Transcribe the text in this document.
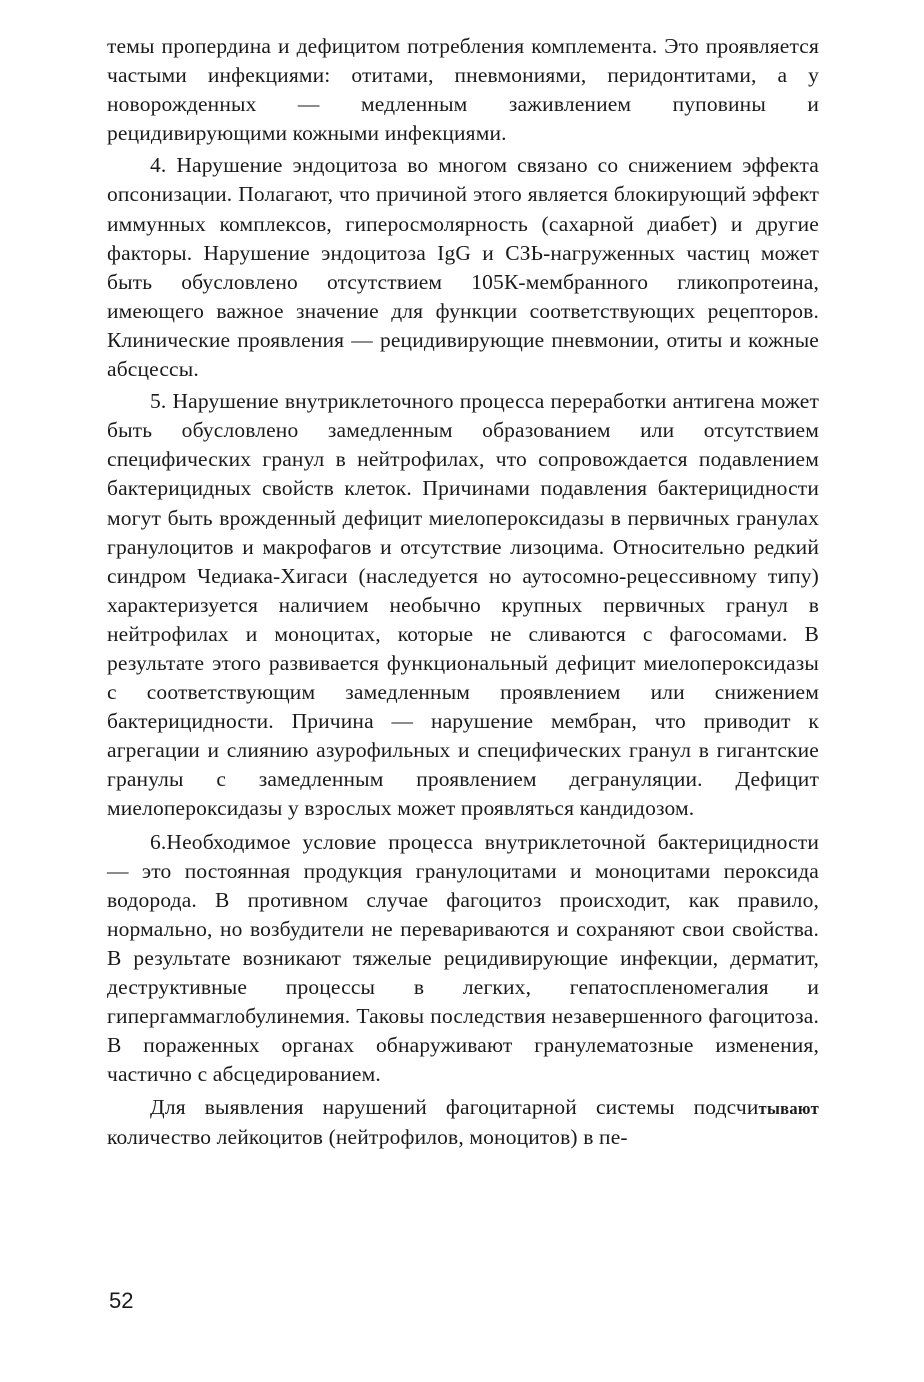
темы пропердина и дефицитом потребления комплемента. Это проявляется частыми инфекциями: отитами, пневмониями, перидонтитами, а у новорожденных — медленным заживлением пуповины и рецидивирующими кожными инфекциями.

4. Нарушение эндоцитоза во многом связано со снижением эффекта опсонизации. Полагают, что причиной этого является блокирующий эффект иммунных комплексов, гиперосмолярность (сахарной диабет) и другие факторы. Нарушение эндоцитоза IgG и СЗЬ-нагруженных частиц может быть обусловлено отсутствием 105К-мембранного гликопротеина, имеющего важное значение для функции соответствующих рецепторов. Клинические проявления — рецидивирующие пневмонии, отиты и кожные абсцессы.

5. Нарушение внутриклеточного процесса переработки антигена может быть обусловлено замедленным образованием или отсутствием специфических гранул в нейтрофилах, что сопровождается подавлением бактерицидных свойств клеток. Причинами подавления бактерицидности могут быть врожденный дефицит миелопероксидазы в первичных гранулах гранулоцитов и макрофагов и отсутствие лизоцима. Относительно редкий синдром Чедиака-Хигаси (наследуется но аутосомно-рецессивному типу) характеризуется наличием необычно крупных первичных гранул в нейтрофилах и моноцитах, которые не сливаются с фагосомами. В результате этого развивается функциональный дефицит миелопероксидазы с соответствующим замедленным проявлением или снижением бактерицидности. Причина — нарушение мембран, что приводит к агрегации и слиянию азурофильных и специфических гранул в гигантские гранулы с замедленным проявлением дегрануляции. Дефицит миелопероксидазы у взрослых может проявляться кандидозом.

6.Необходимое условие процесса внутриклеточной бактерицидности — это постоянная продукция гранулоцитами и моноцитами пероксида водорода. В противном случае фагоцитоз происходит, как правило, нормально, но возбудители не перевариваются и сохраняют свои свойства. В результате возникают тяжелые рецидивирующие инфекции, дерматит, деструктивные процессы в легких, гепатоспленомегалия и гипергаммаглобулинемия. Таковы последствия незавершенного фагоцитоза. В пораженных органах обнаруживают гранулематозные изменения, частично с абсцедированием.

Для выявления нарушений фагоцитарной системы подсчитывают количество лейкоцитов (нейтрофилов, моноцитов) в пе-

52
